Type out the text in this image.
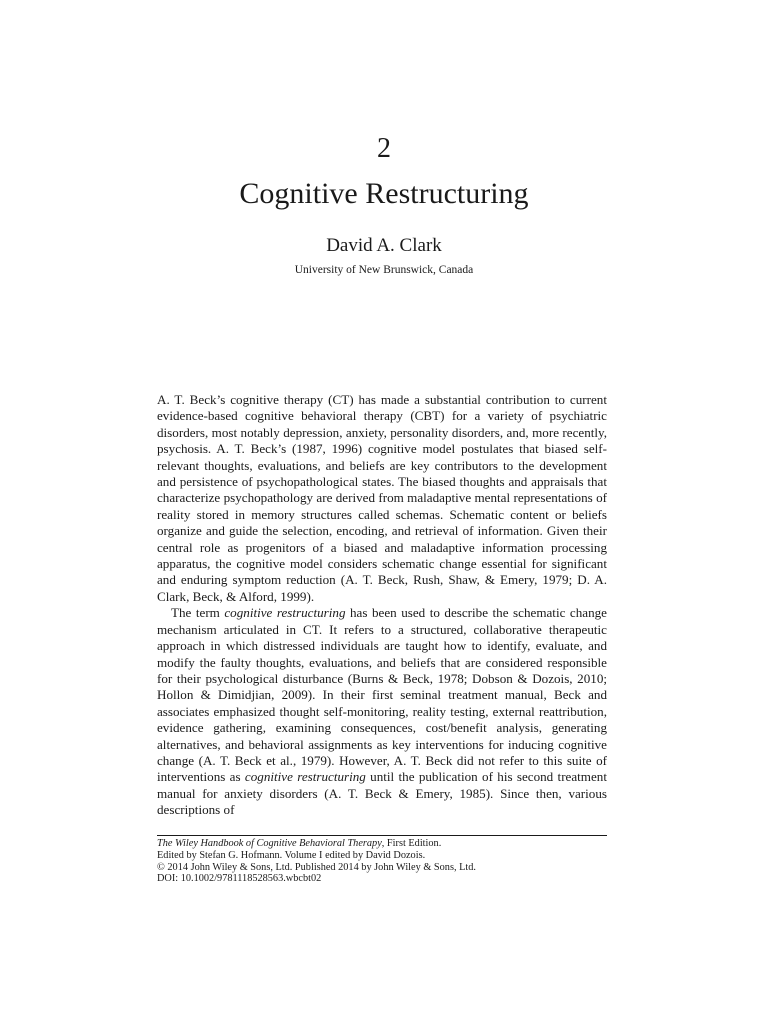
2
Cognitive Restructuring
David A. Clark
University of New Brunswick, Canada

A. T. Beck’s cognitive therapy (CT) has made a substantial contribution to current evidence-based cognitive behavioral therapy (CBT) for a variety of psychiatric disorders, most notably depression, anxiety, personality disorders, and, more recently, psychosis. A. T. Beck’s (1987, 1996) cognitive model postulates that biased self-relevant thoughts, evaluations, and beliefs are key contributors to the development and persistence of psychopathological states. The biased thoughts and appraisals that characterize psychopathology are derived from maladaptive mental representations of reality stored in memory structures called schemas. Schematic content or beliefs organize and guide the selection, encoding, and retrieval of information. Given their central role as progenitors of a biased and maladaptive information processing apparatus, the cognitive model considers schematic change essential for significant and enduring symptom reduction (A. T. Beck, Rush, Shaw, & Emery, 1979; D. A. Clark, Beck, & Alford, 1999).

The term cognitive restructuring has been used to describe the schematic change mechanism articulated in CT. It refers to a structured, collaborative therapeutic approach in which distressed individuals are taught how to identify, evaluate, and modify the faulty thoughts, evaluations, and beliefs that are considered responsible for their psychological disturbance (Burns & Beck, 1978; Dobson & Dozois, 2010; Hollon & Dimidjian, 2009). In their first seminal treatment manual, Beck and associates emphasized thought self-monitoring, reality testing, external reattribution, evidence gathering, examining consequences, cost/benefit analysis, generating alternatives, and behavioral assignments as key interventions for inducing cognitive change (A. T. Beck et al., 1979). However, A. T. Beck did not refer to this suite of interventions as cognitive restructuring until the publication of his second treatment manual for anxiety disorders (A. T. Beck & Emery, 1985). Since then, various descriptions of

The Wiley Handbook of Cognitive Behavioral Therapy, First Edition.
Edited by Stefan G. Hofmann. Volume I edited by David Dozois.
© 2014 John Wiley & Sons, Ltd. Published 2014 by John Wiley & Sons, Ltd.
DOI: 10.1002/9781118528563.wbcbt02
